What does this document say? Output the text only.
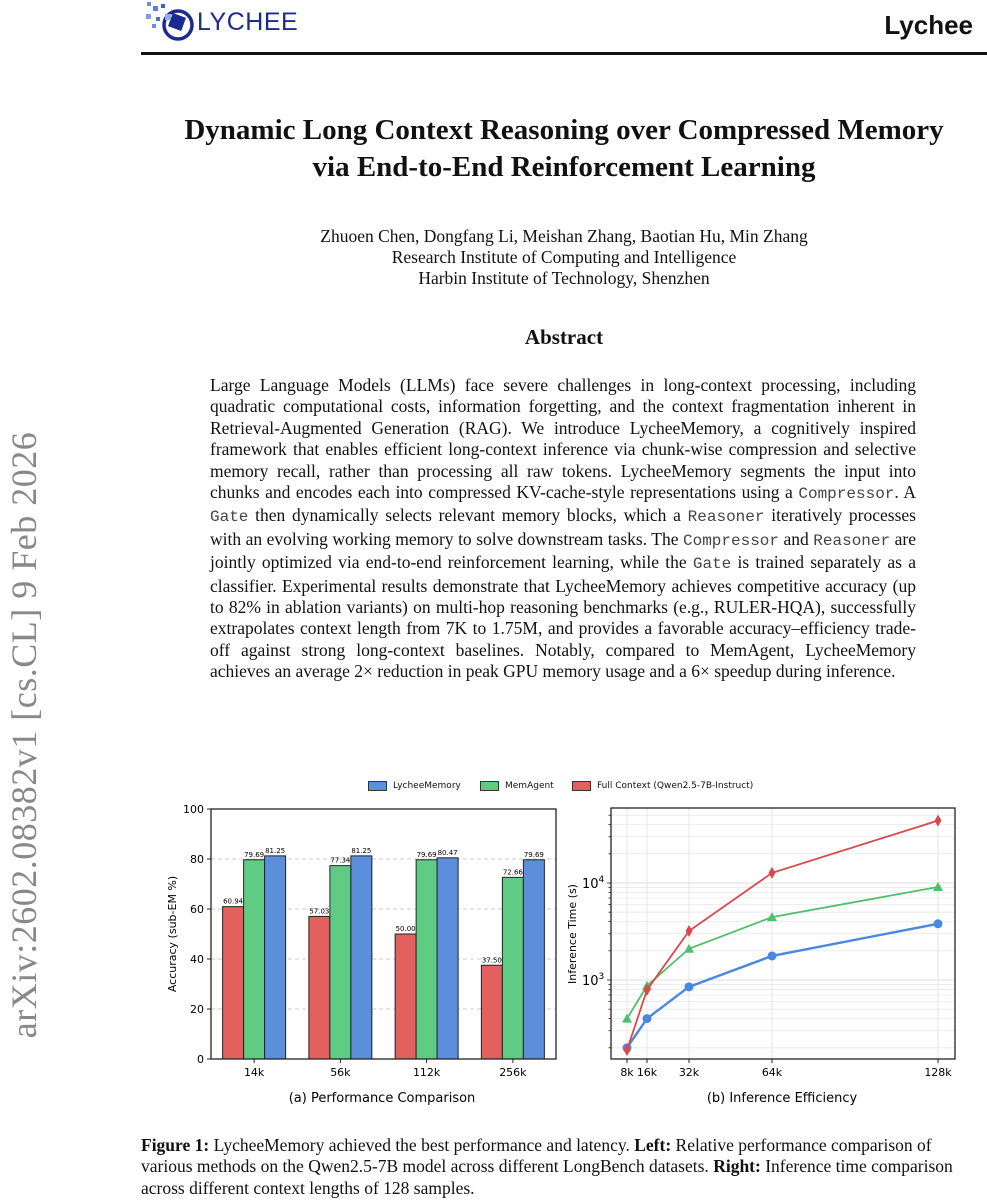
LYCHEE	Lychee
arXiv:2602.08382v1 [cs.CL] 9 Feb 2026
Dynamic Long Context Reasoning over Compressed Memory
via End-to-End Reinforcement Learning
Zhuoen Chen, Dongfang Li, Meishan Zhang, Baotian Hu, Min Zhang
Research Institute of Computing and Intelligence
Harbin Institute of Technology, Shenzhen
Abstract
Large Language Models (LLMs) face severe challenges in long-context processing, including quadratic computational costs, information forgetting, and the context fragmentation inherent in Retrieval-Augmented Generation (RAG). We introduce LycheeMemory, a cognitively inspired framework that enables efficient long-context inference via chunk-wise compression and selective memory recall, rather than processing all raw tokens. LycheeMemory segments the input into chunks and encodes each into compressed KV-cache-style representations using a Compressor. A Gate then dynamically selects relevant memory blocks, which a Reasoner iteratively processes with an evolving working memory to solve downstream tasks. The Compressor and Reasoner are jointly optimized via end-to-end reinforcement learning, while the Gate is trained separately as a classifier. Experimental results demonstrate that LycheeMemory achieves competitive accuracy (up to 82% in ablation variants) on multi-hop reasoning benchmarks (e.g., RULER-HQA), successfully extrapolates context length from 7K to 1.75M, and provides a favorable accuracy–efficiency trade-off against strong long-context baselines. Notably, compared to MemAgent, LycheeMemory achieves an average 2× reduction in peak GPU memory usage and a 6× speedup during inference.
LycheeMemory	MemAgent	Full Context (Qwen2.5-7B-Instruct)
60.94
79.69 81.25
57.03
77.34
81.25
50.00
79.69 80.47
37.50
72.66
79.69
0
20
40
60
80
100
14k	56k	112k	256k
Accuracy (sub-EM %)
(a) Performance Comparison
8k 16k 32k	64k	128k
$10^3$
$10^4$
Inference Time (s)
(b) Inference Efficiency
Figure 1: LycheeMemory achieved the best performance and latency. Left: Relative performance comparison of various methods on the Qwen2.5-7B model across different LongBench datasets. Right: Inference time comparison across different context lengths of 128 samples.
